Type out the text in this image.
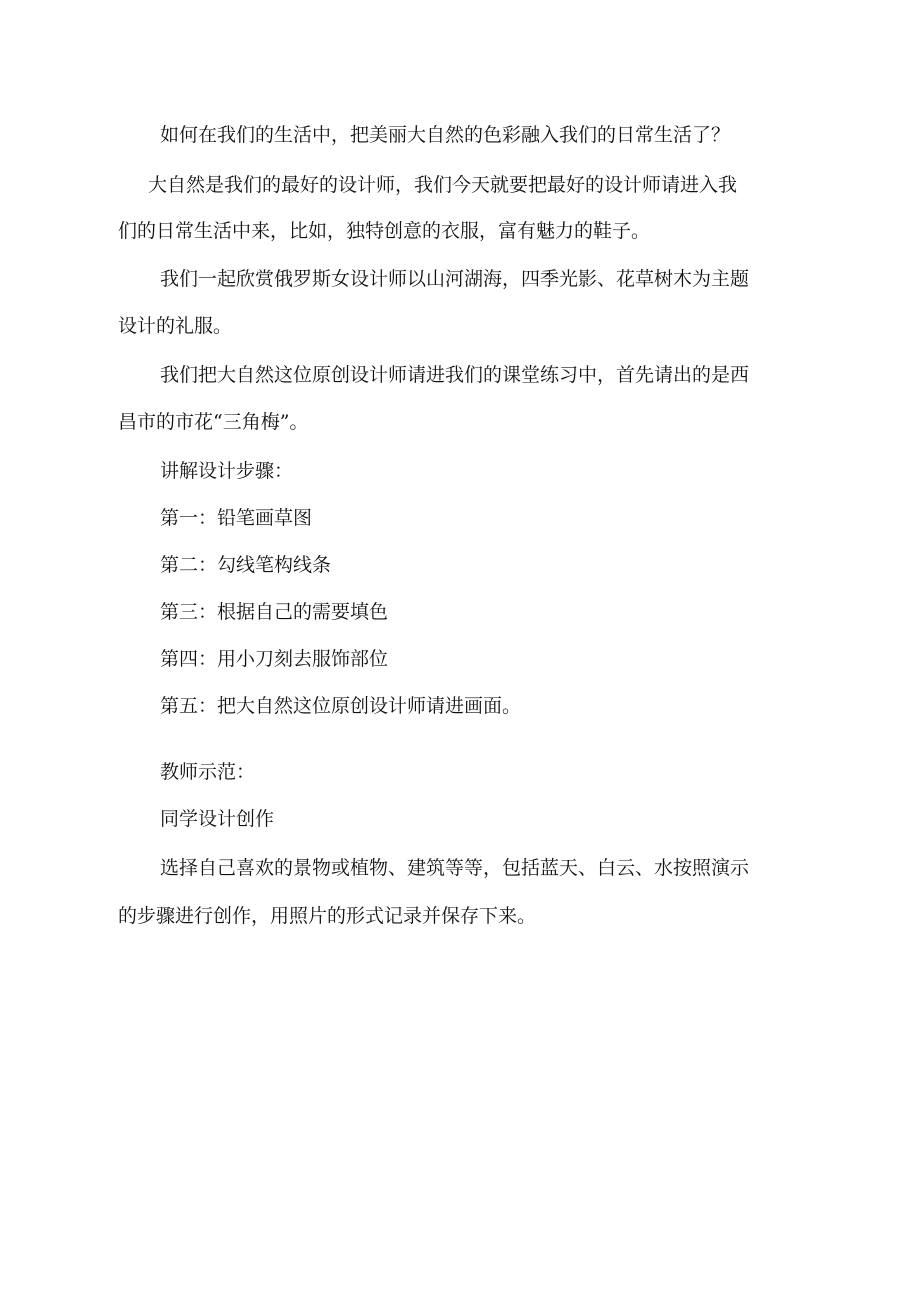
如何在我们的生活中，把美丽大自然的色彩融入我们的日常生活了？

大自然是我们的最好的设计师，我们今天就要把最好的设计师请进入我

们的日常生活中来，比如，独特创意的衣服，富有魅力的鞋子。

我们一起欣赏俄罗斯女设计师以山河湖海，四季光影、花草树木为主题

设计的礼服。

我们把大自然这位原创设计师请进我们的课堂练习中，首先请出的是西

昌市的市花“三角梅”。

讲解设计步骤：

第一：铅笔画草图

第二：勾线笔构线条

第三：根据自己的需要填色

第四：用小刀刻去服饰部位

第五：把大自然这位原创设计师请进画面。

教师示范：

同学设计创作

选择自己喜欢的景物或植物、建筑等等，包括蓝天、白云、水按照演示

的步骤进行创作，用照片的形式记录并保存下来。
